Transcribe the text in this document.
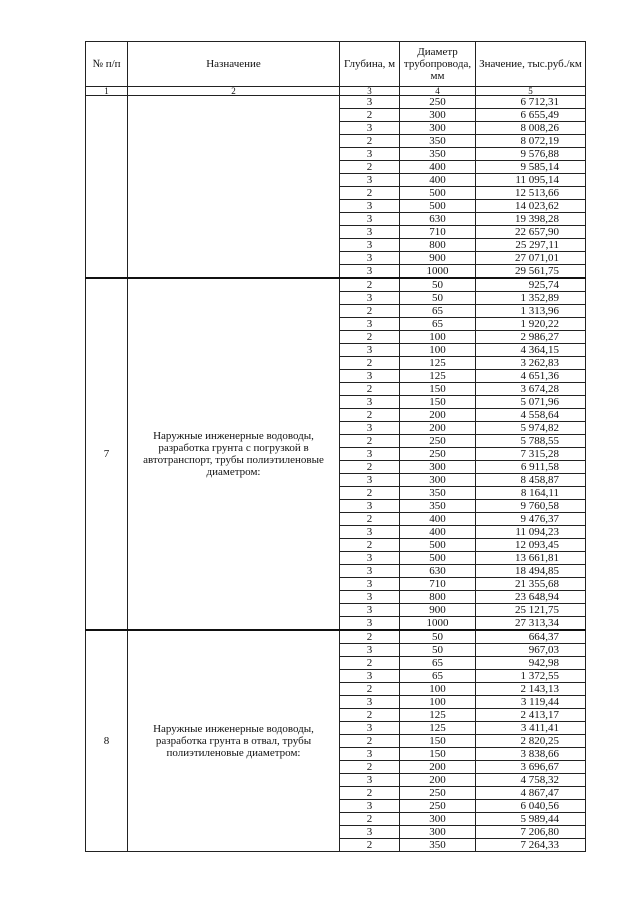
№ п/п	Назначение	Глубина, м	Диаметр трубопровода, мм	Значение, тыс.руб./км
1	2	3	4	5
		3	250	6 712,31
		2	300	6 655,49
		3	300	8 008,26
		2	350	8 072,19
		3	350	9 576,88
		2	400	9 585,14
		3	400	11 095,14
		2	500	12 513,66
		3	500	14 023,62
		3	630	19 398,28
		3	710	22 657,90
		3	800	25 297,11
		3	900	27 071,01
		3	1000	29 561,75
7	Наружные инженерные водоводы, разработка грунта с погрузкой в автотранспорт, трубы полиэтиленовые диаметром:	2	50	925,74
		3	50	1 352,89
		2	65	1 313,96
		3	65	1 920,22
		2	100	2 986,27
		3	100	4 364,15
		2	125	3 262,83
		3	125	4 651,36
		2	150	3 674,28
		3	150	5 071,96
		2	200	4 558,64
		3	200	5 974,82
		2	250	5 788,55
		3	250	7 315,28
		2	300	6 911,58
		3	300	8 458,87
		2	350	8 164,11
		3	350	9 760,58
		2	400	9 476,37
		3	400	11 094,23
		2	500	12 093,45
		3	500	13 661,81
		3	630	18 494,85
		3	710	21 355,68
		3	800	23 648,94
		3	900	25 121,75
		3	1000	27 313,34
8	Наружные инженерные водоводы, разработка грунта в отвал, трубы полиэтиленовые диаметром:	2	50	664,37
		3	50	967,03
		2	65	942,98
		3	65	1 372,55
		2	100	2 143,13
		3	100	3 119,44
		2	125	2 413,17
		3	125	3 411,41
		2	150	2 820,25
		3	150	3 838,66
		2	200	3 696,67
		3	200	4 758,32
		2	250	4 867,47
		3	250	6 040,56
		2	300	5 989,44
		3	300	7 206,80
		2	350	7 264,33
